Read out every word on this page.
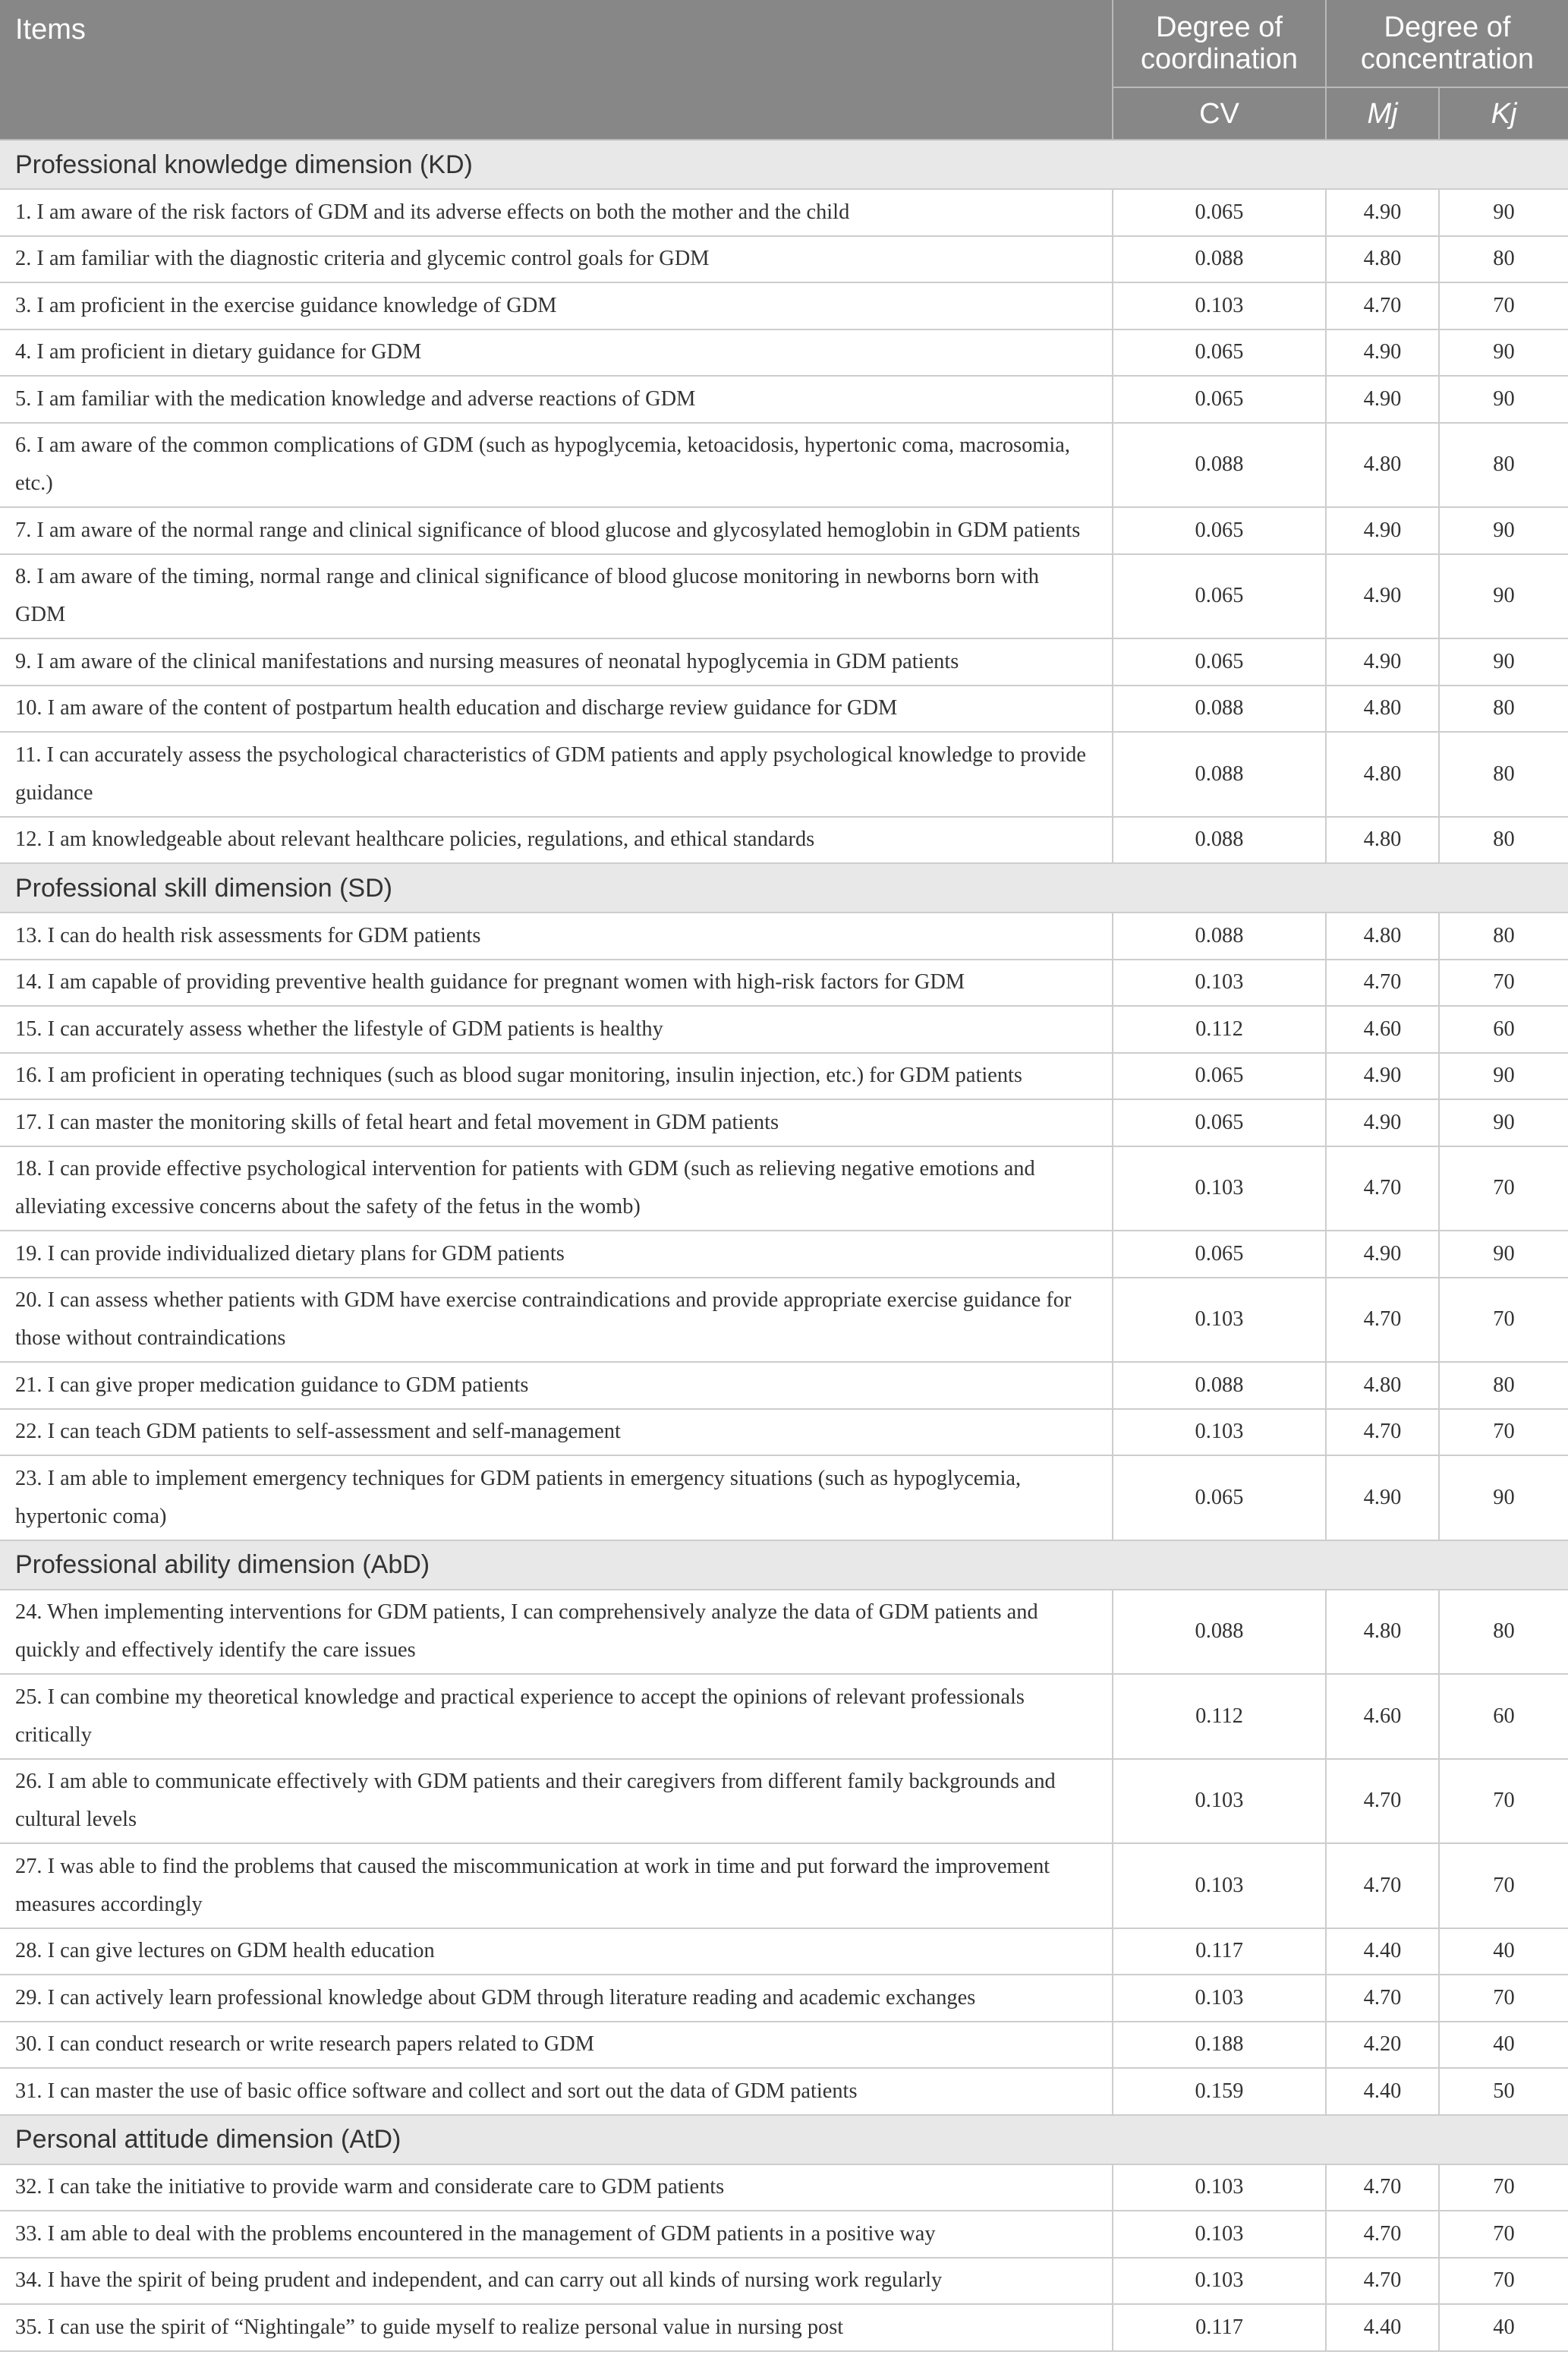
Items	Degree of coordination	Degree of concentration	
	CV	Mj	Kj
Professional knowledge dimension (KD)			
1. I am aware of the risk factors of GDM and its adverse effects on both the mother and the child	0.065	4.90	90
2. I am familiar with the diagnostic criteria and glycemic control goals for GDM	0.088	4.80	80
3. I am proficient in the exercise guidance knowledge of GDM	0.103	4.70	70
4. I am proficient in dietary guidance for GDM	0.065	4.90	90
5. I am familiar with the medication knowledge and adverse reactions of GDM	0.065	4.90	90
6. I am aware of the common complications of GDM (such as hypoglycemia, ketoacidosis, hypertonic coma, macrosomia, etc.)	0.088	4.80	80
7. I am aware of the normal range and clinical significance of blood glucose and glycosylated hemoglobin in GDM patients	0.065	4.90	90
8. I am aware of the timing, normal range and clinical significance of blood glucose monitoring in newborns born with GDM	0.065	4.90	90
9. I am aware of the clinical manifestations and nursing measures of neonatal hypoglycemia in GDM patients	0.065	4.90	90
10. I am aware of the content of postpartum health education and discharge review guidance for GDM	0.088	4.80	80
11. I can accurately assess the psychological characteristics of GDM patients and apply psychological knowledge to provide guidance	0.088	4.80	80
12. I am knowledgeable about relevant healthcare policies, regulations, and ethical standards	0.088	4.80	80
Professional skill dimension (SD)			
13. I can do health risk assessments for GDM patients	0.088	4.80	80
14. I am capable of providing preventive health guidance for pregnant women with high-risk factors for GDM	0.103	4.70	70
15. I can accurately assess whether the lifestyle of GDM patients is healthy	0.112	4.60	60
16. I am proficient in operating techniques (such as blood sugar monitoring, insulin injection, etc.) for GDM patients	0.065	4.90	90
17. I can master the monitoring skills of fetal heart and fetal movement in GDM patients	0.065	4.90	90
18. I can provide effective psychological intervention for patients with GDM (such as relieving negative emotions and alleviating excessive concerns about the safety of the fetus in the womb)	0.103	4.70	70
19. I can provide individualized dietary plans for GDM patients	0.065	4.90	90
20. I can assess whether patients with GDM have exercise contraindications and provide appropriate exercise guidance for those without contraindications	0.103	4.70	70
21. I can give proper medication guidance to GDM patients	0.088	4.80	80
22. I can teach GDM patients to self-assessment and self-management	0.103	4.70	70
23. I am able to implement emergency techniques for GDM patients in emergency situations (such as hypoglycemia, hypertonic coma)	0.065	4.90	90
Professional ability dimension (AbD)			
24. When implementing interventions for GDM patients, I can comprehensively analyze the data of GDM patients and quickly and effectively identify the care issues	0.088	4.80	80
25. I can combine my theoretical knowledge and practical experience to accept the opinions of relevant professionals critically	0.112	4.60	60
26. I am able to communicate effectively with GDM patients and their caregivers from different family backgrounds and cultural levels	0.103	4.70	70
27. I was able to find the problems that caused the miscommunication at work in time and put forward the improvement measures accordingly	0.103	4.70	70
28. I can give lectures on GDM health education	0.117	4.40	40
29. I can actively learn professional knowledge about GDM through literature reading and academic exchanges	0.103	4.70	70
30. I can conduct research or write research papers related to GDM	0.188	4.20	40
31. I can master the use of basic office software and collect and sort out the data of GDM patients	0.159	4.40	50
Personal attitude dimension (AtD)			
32. I can take the initiative to provide warm and considerate care to GDM patients	0.103	4.70	70
33. I am able to deal with the problems encountered in the management of GDM patients in a positive way	0.103	4.70	70
34. I have the spirit of being prudent and independent, and can carry out all kinds of nursing work regularly	0.103	4.70	70
35. I can use the spirit of “Nightingale” to guide myself to realize personal value in nursing post	0.117	4.40	40
